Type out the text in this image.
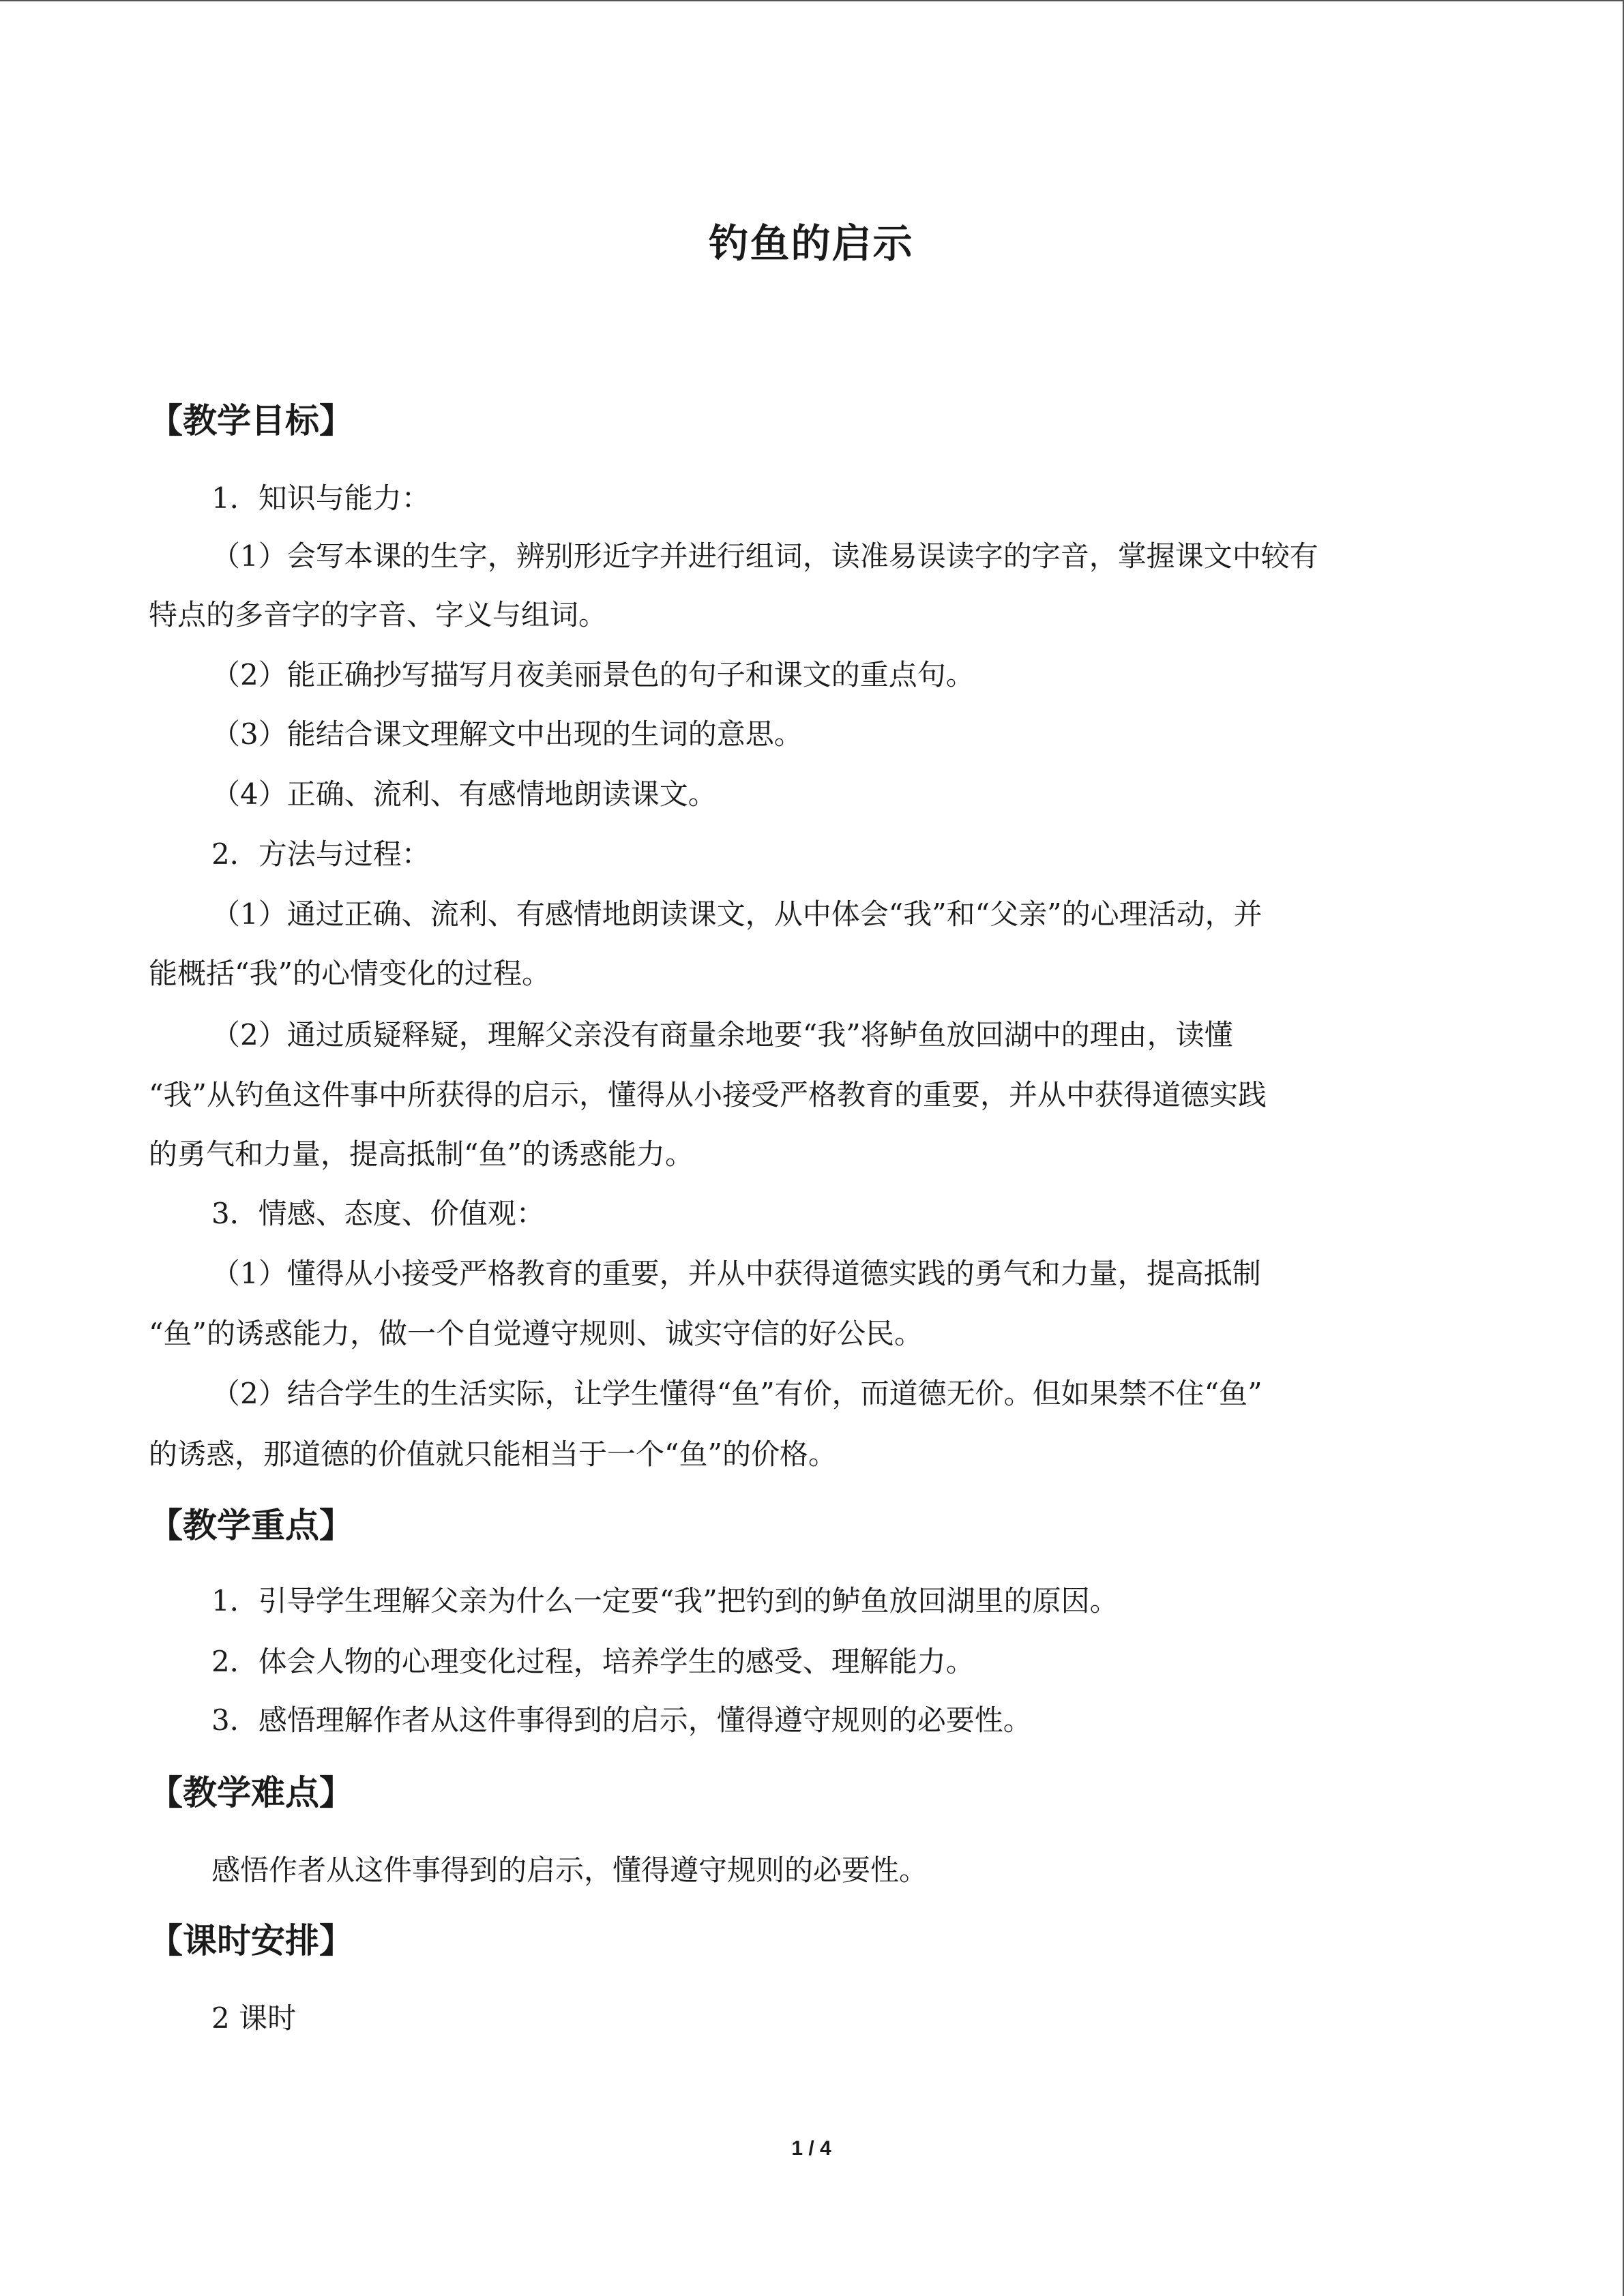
钓鱼的启示
【教学目标】

1．知识与能力：

（1）会写本课的生字，辨别形近字并进行组词，读准易误读字的字音，掌握课文中较有

特点的多音字的字音、字义与组词。

（2）能正确抄写描写月夜美丽景色的句子和课文的重点句。

（3）能结合课文理解文中出现的生词的意思。

（4）正确、流利、有感情地朗读课文。

2．方法与过程：

（1）通过正确、流利、有感情地朗读课文，从中体会“我”和“父亲”的心理活动，并

能概括“我”的心情变化的过程。

（2）通过质疑释疑，理解父亲没有商量余地要“我”将鲈鱼放回湖中的理由，读懂

“我”从钓鱼这件事中所获得的启示，懂得从小接受严格教育的重要，并从中获得道德实践

的勇气和力量，提高抵制“鱼”的诱惑能力。

3．情感、态度、价值观：

（1）懂得从小接受严格教育的重要，并从中获得道德实践的勇气和力量，提高抵制

“鱼”的诱惑能力，做一个自觉遵守规则、诚实守信的好公民。

（2）结合学生的生活实际，让学生懂得“鱼”有价，而道德无价。但如果禁不住“鱼”

的诱惑，那道德的价值就只能相当于一个“鱼”的价格。

【教学重点】

1．引导学生理解父亲为什么一定要“我”把钓到的鲈鱼放回湖里的原因。

2．体会人物的心理变化过程，培养学生的感受、理解能力。

3．感悟理解作者从这件事得到的启示，懂得遵守规则的必要性。

【教学难点】

感悟作者从这件事得到的启示，懂得遵守规则的必要性。

【课时安排】

2 课时

1 / 4
